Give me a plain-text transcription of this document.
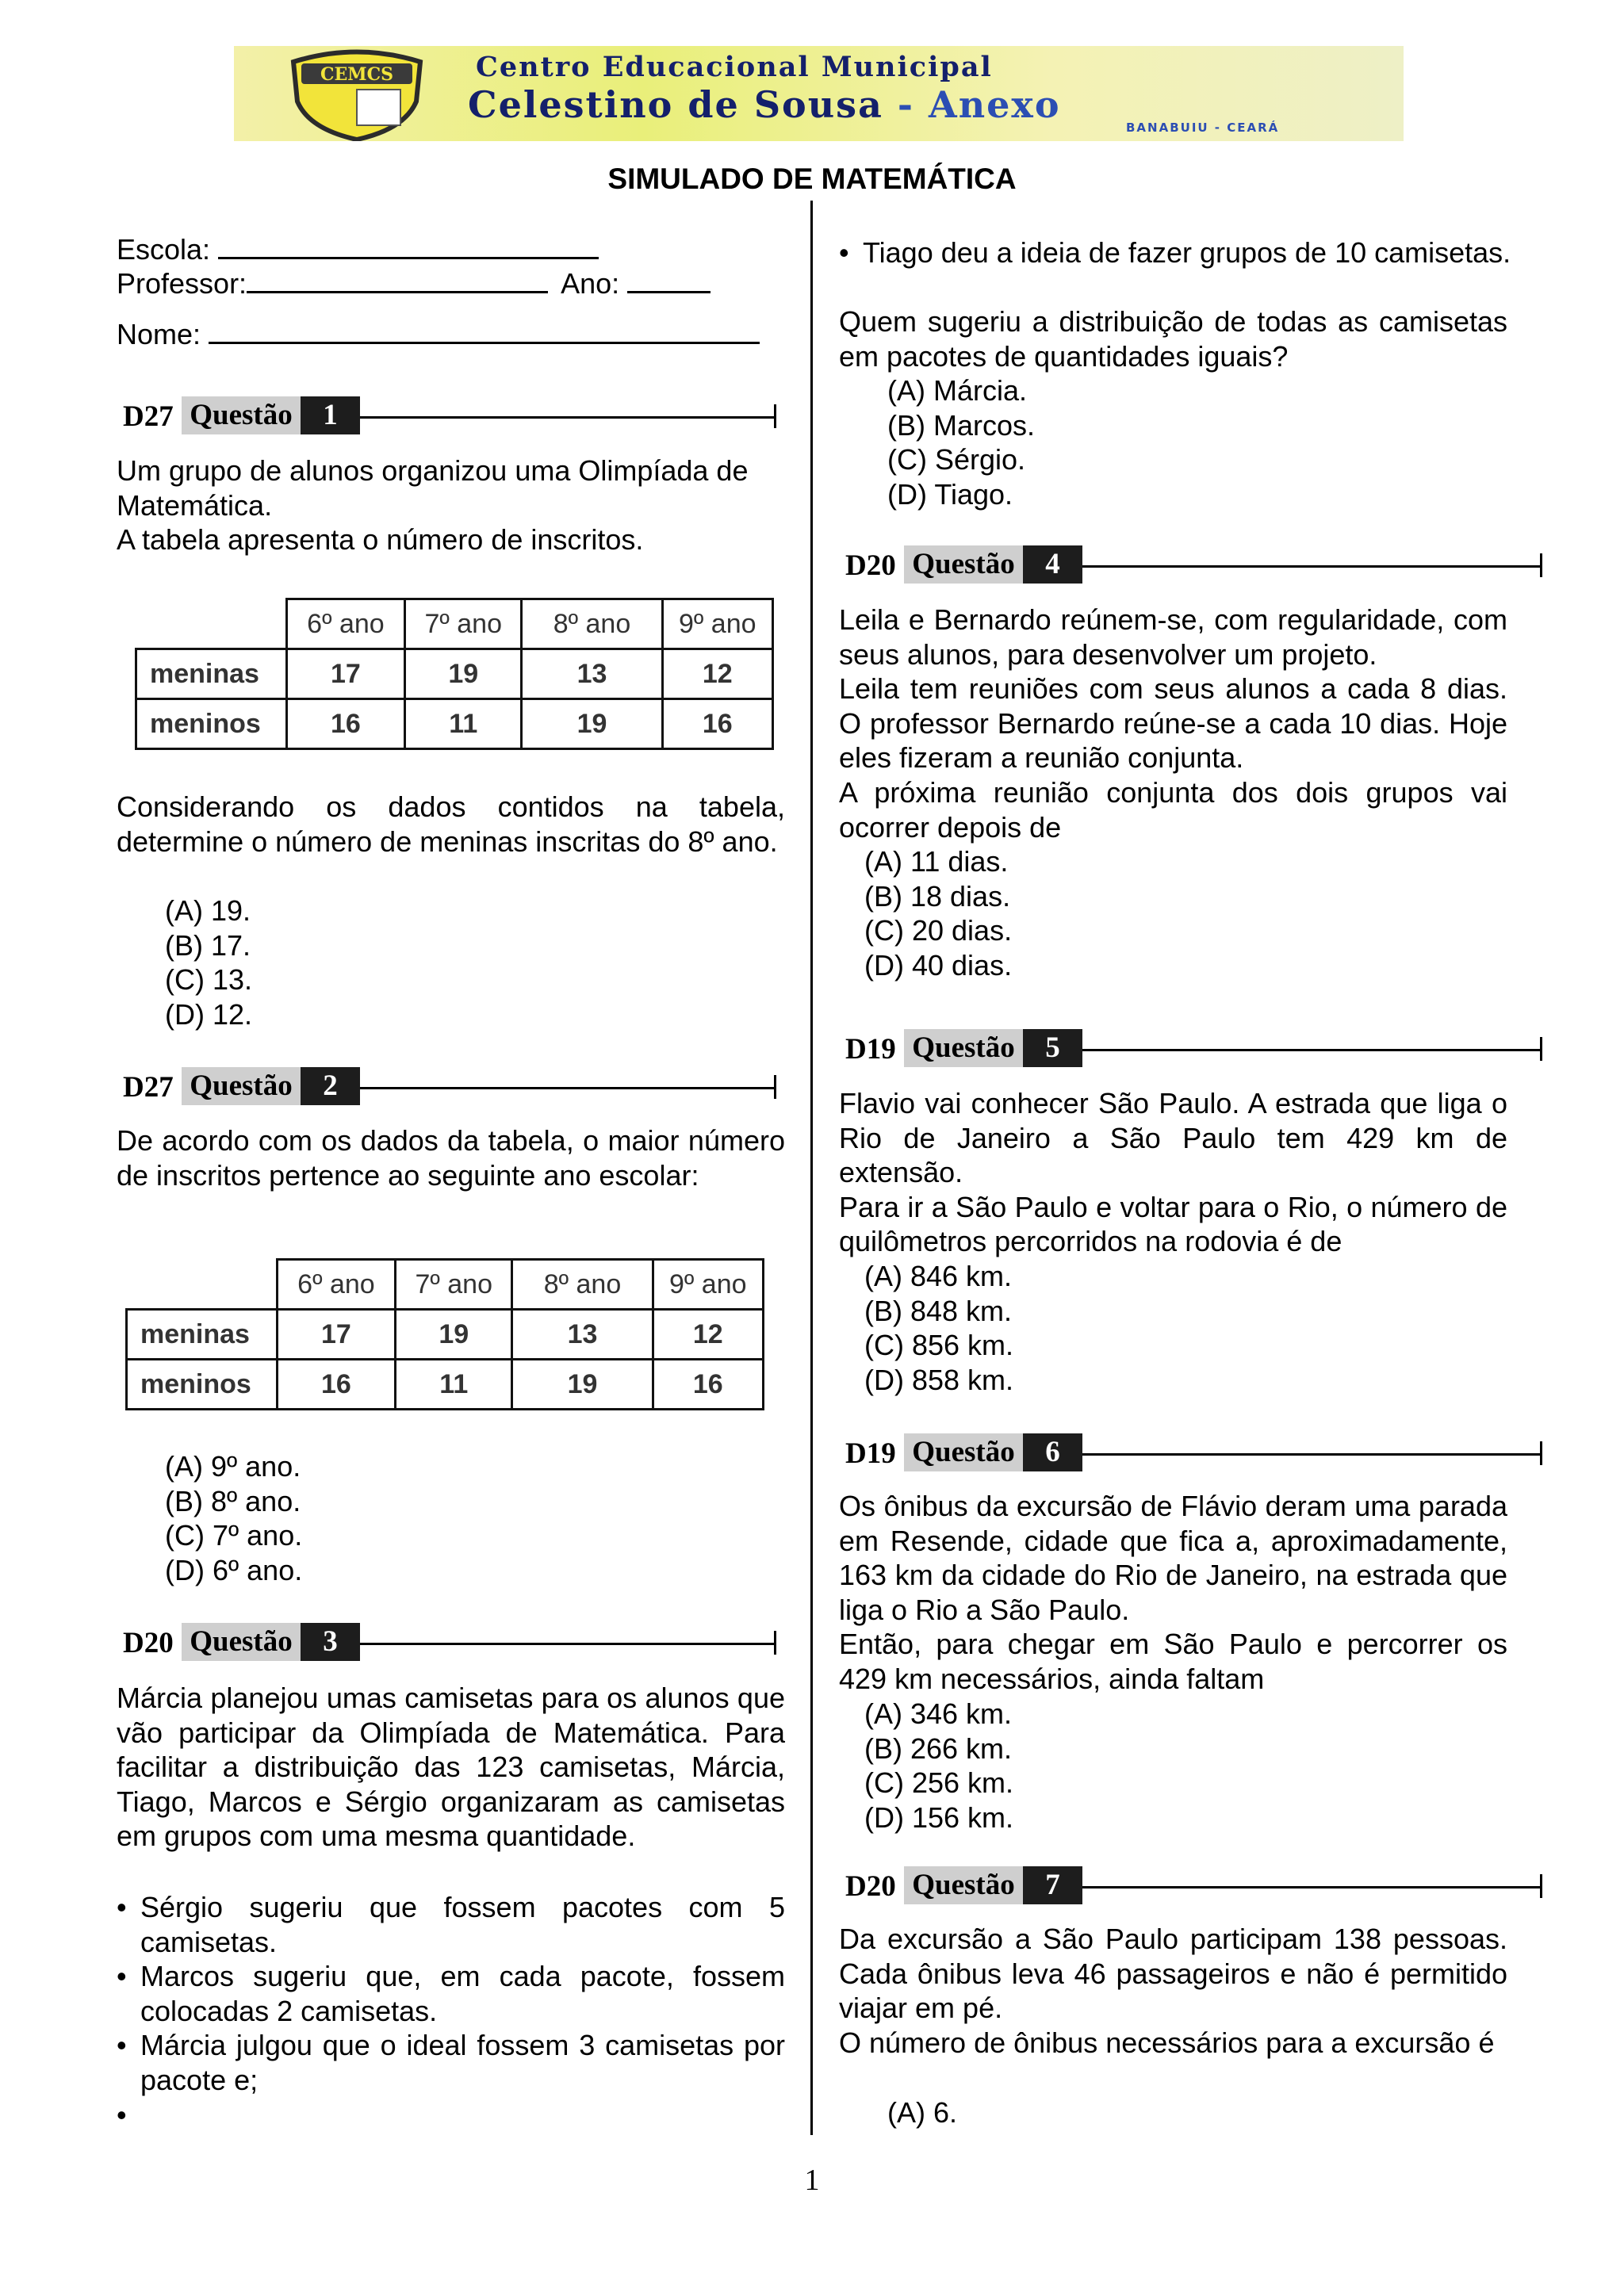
CEMCS	Centro Educacional Municipal
Celestino de Sousa - Anexo
BANABUIU - CEARÁ
SIMULADO DE MATEMÁTICA
Escola:
Professor:	Ano:
Nome:
D27 Questão	1
Um grupo de alunos organizou uma Olimpíada de Matemática.
A tabela apresenta o número de inscritos.
	6º ano	7º ano	8º ano	9º ano
meninas	17	19	13	12
meninos	16	11	19	16
Considerando os dados contidos na tabela, determine o número de meninas inscritas do 8º ano.
(A) 19.
(B) 17.
(C) 13.
(D) 12.
D27 Questão	2
De acordo com os dados da tabela, o maior número de inscritos pertence ao seguinte ano escolar:
	6º ano	7º ano	8º ano	9º ano
meninas	17	19	13	12
meninos	16	11	19	16
(A) 9º ano.
(B) 8º ano.
(C) 7º ano.
(D) 6º ano.
D20 Questão	3
Márcia planejou umas camisetas para os alunos que vão participar da Olimpíada de Matemática. Para facilitar a distribuição das 123 camisetas, Márcia, Tiago, Marcos e Sérgio organizaram as camisetas em grupos com uma mesma quantidade.
• Sérgio sugeriu que fossem pacotes com 5 camisetas.
• Marcos sugeriu que, em cada pacote, fossem colocadas 2 camisetas.
• Márcia julgou que o ideal fossem 3 camisetas por pacote e;
•
• Tiago deu a ideia de fazer grupos de 10 camisetas.
Quem sugeriu a distribuição de todas as camisetas em pacotes de quantidades iguais?
(A) Márcia.
(B) Marcos.
(C) Sérgio.
(D) Tiago.
D20 Questão	4
Leila e Bernardo reúnem-se, com regularidade, com seus alunos, para desenvolver um projeto.
Leila tem reuniões com seus alunos a cada 8 dias. O professor Bernardo reúne-se a cada 10 dias. Hoje eles fizeram a reunião conjunta.
A próxima reunião conjunta dos dois grupos vai ocorrer depois de
(A) 11 dias.
(B) 18 dias.
(C) 20 dias.
(D) 40 dias.
D19 Questão	5
Flavio vai conhecer São Paulo. A estrada que liga o Rio de Janeiro a São Paulo tem 429 km de extensão.
Para ir a São Paulo e voltar para o Rio, o número de quilômetros percorridos na rodovia é de
(A) 846 km.
(B) 848 km.
(C) 856 km.
(D) 858 km.
D19 Questão	6
Os ônibus da excursão de Flávio deram uma parada em Resende, cidade que fica a, aproximadamente, 163 km da cidade do Rio de Janeiro, na estrada que liga o Rio a São Paulo.
Então, para chegar em São Paulo e percorrer os 429 km necessários, ainda faltam
(A) 346 km.
(B) 266 km.
(C) 256 km.
(D) 156 km.
D20 Questão	7
Da excursão a São Paulo participam 138 pessoas. Cada ônibus leva 46 passageiros e não é permitido viajar em pé.
O número de ônibus necessários para a excursão é
(A) 6.
1
